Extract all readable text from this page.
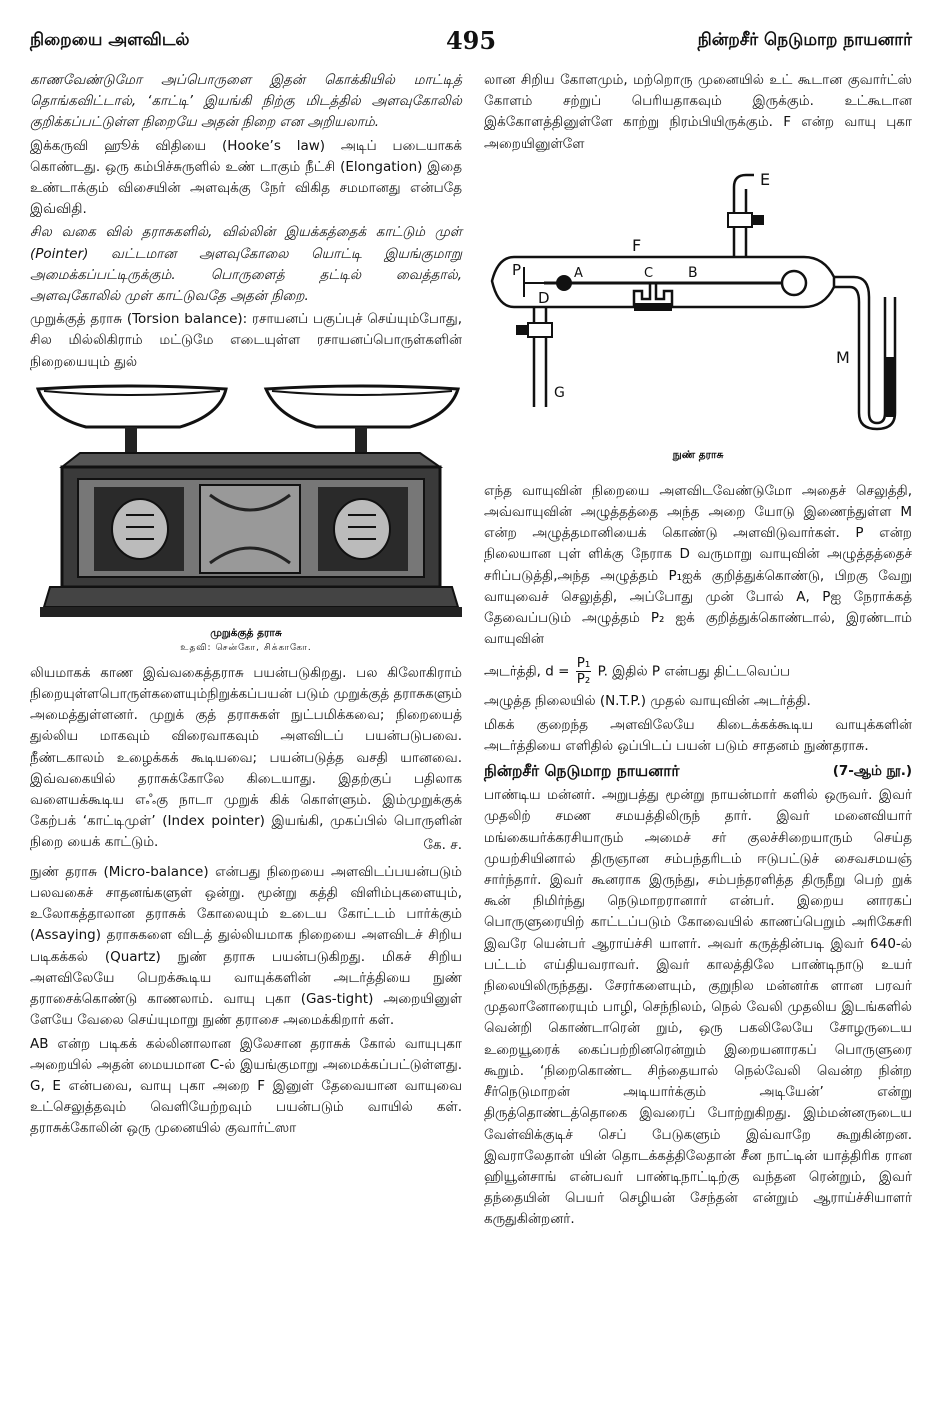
நிறையை அளவிடல்	495	நின்றசீர் நெடுமாற நாயனார்

காணவேண்டுமோ அப்பொருளை இதன் கொக்கியில் மாட்டித் தொங்கவிட்டால், ‘காட்டி’ இயங்கி நிற்கு மிடத்தில் அளவுகோலில் குறிக்கப்பட்டுள்ள நிறையே அதன் நிறை என அறியலாம்.

இக்கருவி ஹூக் விதியை (Hooke’s law) அடிப் படையாகக் கொண்டது. ஒரு கம்பிச்சுருளில் உண் டாகும் நீட்சி (Elongation) இதை உண்டாக்கும் விசையின் அளவுக்கு நேர் விகித சமமானது என்பதே இவ்விதி.

சில வகை வில் தராசுகளில், வில்லின் இயக்கத்தைக் காட்டும் முள் (Pointer) வட்டமான அளவுகோலை யொட்டி இயங்குமாறு அமைக்கப்பட்டிருக்கும். பொருளைத் தட்டில் வைத்தால், அளவுகோலில் முள் காட்டுவதே அதன் நிறை.

முறுக்குத் தராசு (Torsion balance): ரசாயனப் பகுப்புச் செய்யும்போது, சில மில்லிகிராம் மட்டுமே எடையுள்ள ரசாயனப்பொருள்களின் நிறையையும் துல்

முறுக்குத் தராசு

உதவி: சென்கோ, சிக்காகோ.

லியமாகக் காண இவ்வகைத்தராசு பயன்படுகிறது. பல கிலோகிராம் நிறையுள்ளபொருள்களையும்நிறுக்கப்பயன் படும் முறுக்குத் தராசுகளும் அமைத்துள்ளனர். முறுக் குத் தராசுகள் நுட்பமிக்கவை; நிறையைத் துல்லிய மாகவும் விரைவாகவும் அளவிடப் பயன்படுபவை. நீண்டகாலம் உழைக்கக் கூடியவை; பயன்படுத்த வசதி யானவை. இவ்வகையில் தராசுக்கோலே கிடையாது. இதற்குப் பதிலாக வளையக்கூடிய எஃகு நாடா முறுக் கிக் கொள்ளும். இம்முறுக்குக் கேற்பக் ‘காட்டிமுள்’ (Index pointer) இயங்கி, முகப்பில் பொருளின் நிறை யைக் காட்டும்.	கே. ச.

நுண் தராசு (Micro-balance) என்பது நிறையை அளவிடப்பயன்படும் பலவகைச் சாதனங்களுள் ஒன்று. மூன்று கத்தி விளிம்புகளையும், உலோகத்தாலான தராசுக் கோலையும் உடைய கோட்டம் பார்க்கும் (Assaying) தராசுகளை விடத் துல்லியமாக நிறையை அளவிடச் சிறிய படிகக்கல் (Quartz) நுண் தராசு பயன்படுகிறது. மிகச் சிறிய அளவிலேயே பெறக்கூடிய வாயுக்களின் அடர்த்தியை நுண் தராசைக்கொண்டு காணலாம். வாயு புகா (Gas-tight) அறையினுள் ளேயே வேலை செய்யுமாறு நுண் தராசை அமைக்கிறார் கள்.

AB என்ற படிகக் கல்லினாலான இலேசான தராசுக் கோல் வாயுபுகா அறையில் அதன் மையமான C-ல் இயங்குமாறு அமைக்கப்பட்டுள்ளது. G, E என்பவை, வாயு புகா அறை F இனுள் தேவையான வாயுவை உட்செலுத்தவும் வெளியேற்றவும் பயன்படும் வாயில் கள். தராசுக்கோலின் ஒரு முனையில் குவார்ட்ஸா

லான சிறிய கோளமும், மற்றொரு முனையில் உட் கூடான குவார்ட்ஸ் கோளம் சற்றுப் பெரியதாகவும் இருக்கும். உட்கூடான இக்கோளத்தினுள்ளே காற்று நிரம்பியிருக்கும். F என்ற வாயு புகா அறையினுள்ளே

E
F
P	A	C B
D
M
G

நுண் தராசு

எந்த வாயுவின் நிறையை அளவிடவேண்டுமோ அதைச் செலுத்தி, அவ்வாயுவின் அழுத்தத்தை அந்த அறை யோடு இணைந்துள்ள M என்ற அழுத்தமானியைக் கொண்டு அளவிடுவார்கள். P என்ற நிலையான புள் ளிக்கு நேராக D வருமாறு வாயுவின் அழுத்தத்தைச் சரிப்படுத்தி,அந்த அழுத்தம் P₁ஐக் குறித்துக்கொண்டு, பிறகு வேறு வாயுவைச் செலுத்தி, அப்போது முன் போல் A, Pஐ நேராக்கத் தேவைப்படும் அழுத்தம் P₂ ஐக் குறித்துக்கொண்டால், இரண்டாம் வாயுவின்

அடர்த்தி, $d = \frac{\text{P₁}}{\text{P₂}} P$. இதில் P என்பது திட்டவெப்ப

அழுத்த நிலையில் (N.T.P.) முதல் வாயுவின் அடர்த்தி.

மிகக் குறைந்த அளவிலேயே கிடைக்கக்கூடிய வாயுக்களின் அடர்த்தியை எளிதில் ஒப்பிடப் பயன் படும் சாதனம் நுண்தராசு.

நின்றசீர் நெடுமாற நாயனார்	(7-ஆம் நூ.)

பாண்டிய மன்னர். அறுபத்து மூன்று நாயன்மார் களில் ஒருவர். இவர் முதலிற் சமண சமயத்திலிருந் தார். இவர் மனைவியார் மங்கையர்க்கரசியாரும் அமைச் சர் குலச்சிறையாரும் செய்த முயற்சியினால் திருஞான சம்பந்தரிடம் ஈடுபட்டுச் சைவசமயஞ் சார்ந்தார். இவர் கூனராக இருந்து, சம்பந்தரளித்த திருநீறு பெற் றுக் கூன் நிமிர்ந்து நெடுமாறரானார் என்பர். இறைய னாரகப் பொருளுரையிற் காட்டப்படும் கோவையில் காணப்பெறும் அரிகேசரி இவரே யென்பர் ஆராய்ச்சி யாளர். அவர் கருத்தின்படி இவர் 640-ல் பட்டம் எய்தியவராவர். இவர் காலத்திலே பாண்டிநாடு உயர் நிலையிலிருந்தது. சேரர்களையும், குறுநில மன்னர்க ளான பரவர் முதலானோரையும் பாழி, செந்நிலம், நெல் வேலி முதலிய இடங்களில் வென்றி கொண்டாரென் றும், ஒரு பகலிலேயே சோழருடைய உறையூரைக் கைப்பற்றினரென்றும் இறையனாரகப் பொருளுரை கூறும். ‘நிறைகொண்ட சிந்தையால் நெல்வேலி வென்ற நின்ற சீர்நெடுமாறன் அடியார்க்கும் அடியேன்’ என்று திருத்தொண்டத்தொகை இவரைப் போற்றுகிறது. இம்மன்னருடைய வேள்விக்குடிச் செப் பேடுகளும் இவ்வாறே கூறுகின்றன. இவராலேதான் யின் தொடக்கத்திலேதான் சீன நாட்டின் யாத்திரிக ரான ஹியூன்சாங் என்பவர் பாண்டிநாட்டிற்கு வந்தன ரென்றும், இவர் தந்தையின் பெயர் செழியன் சேந்தன் என்றும் ஆராய்ச்சியாளர் கருதுகின்றனர்.
